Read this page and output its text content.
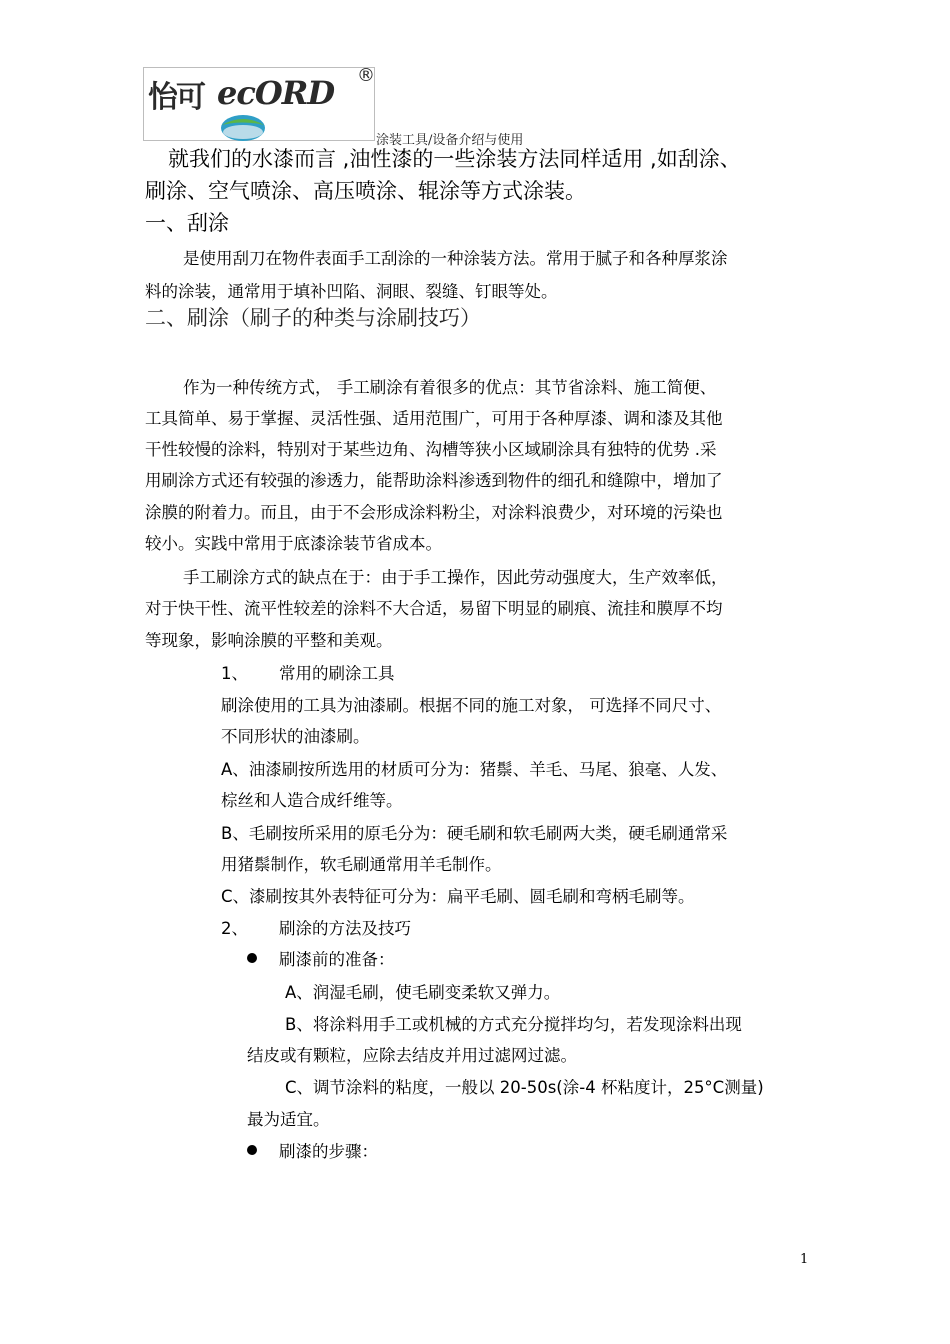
怡可 ecORD ®
涂装工具/设备介绍与使用

就我们的水漆而言 ,油性漆的一些涂装方法同样适用 ,如刮涂、

刷涂、空气喷涂、高压喷涂、辊涂等方式涂装。

一、刮涂

是使用刮刀在物件表面手工刮涂的一种涂装方法。常用于腻子和各种厚浆涂

料的涂装，通常用于填补凹陷、洞眼、裂缝、钉眼等处。

二、刷涂（刷子的种类与涂刷技巧）

作为一种传统方式， 手工刷涂有着很多的优点：其节省涂料、施工简便、

工具简单、易于掌握、灵活性强、适用范围广，可用于各种厚漆、调和漆及其他

干性较慢的涂料，特别对于某些边角、沟槽等狭小区域刷涂具有独特的优势 .采

用刷涂方式还有较强的渗透力，能帮助涂料渗透到物件的细孔和缝隙中，增加了

涂膜的附着力。而且，由于不会形成涂料粉尘，对涂料浪费少，对环境的污染也

较小。实践中常用于底漆涂装节省成本。

手工刷涂方式的缺点在于：由于手工操作，因此劳动强度大，生产效率低，

对于快干性、流平性较差的涂料不大合适，易留下明显的刷痕、流挂和膜厚不均

等现象，影响涂膜的平整和美观。

1、 常用的刷涂工具

刷涂使用的工具为油漆刷。根据不同的施工对象， 可选择不同尺寸、

不同形状的油漆刷。

A、油漆刷按所选用的材质可分为：猪鬃、羊毛、马尾、狼毫、人发、

棕丝和人造合成纤维等。

B、毛刷按所采用的原毛分为：硬毛刷和软毛刷两大类，硬毛刷通常采

用猪鬃制作，软毛刷通常用羊毛制作。

C、漆刷按其外表特征可分为：扁平毛刷、圆毛刷和弯柄毛刷等。

2、 刷涂的方法及技巧

刷漆前的准备：

A、润湿毛刷，使毛刷变柔软又弹力。

B、将涂料用手工或机械的方式充分搅拌均匀，若发现涂料出现

结皮或有颗粒，应除去结皮并用过滤网过滤。

C、调节涂料的粘度，一般以 20-50s(涂-4 杯粘度计，25°C测量)

最为适宜。

刷漆的步骤：

1
